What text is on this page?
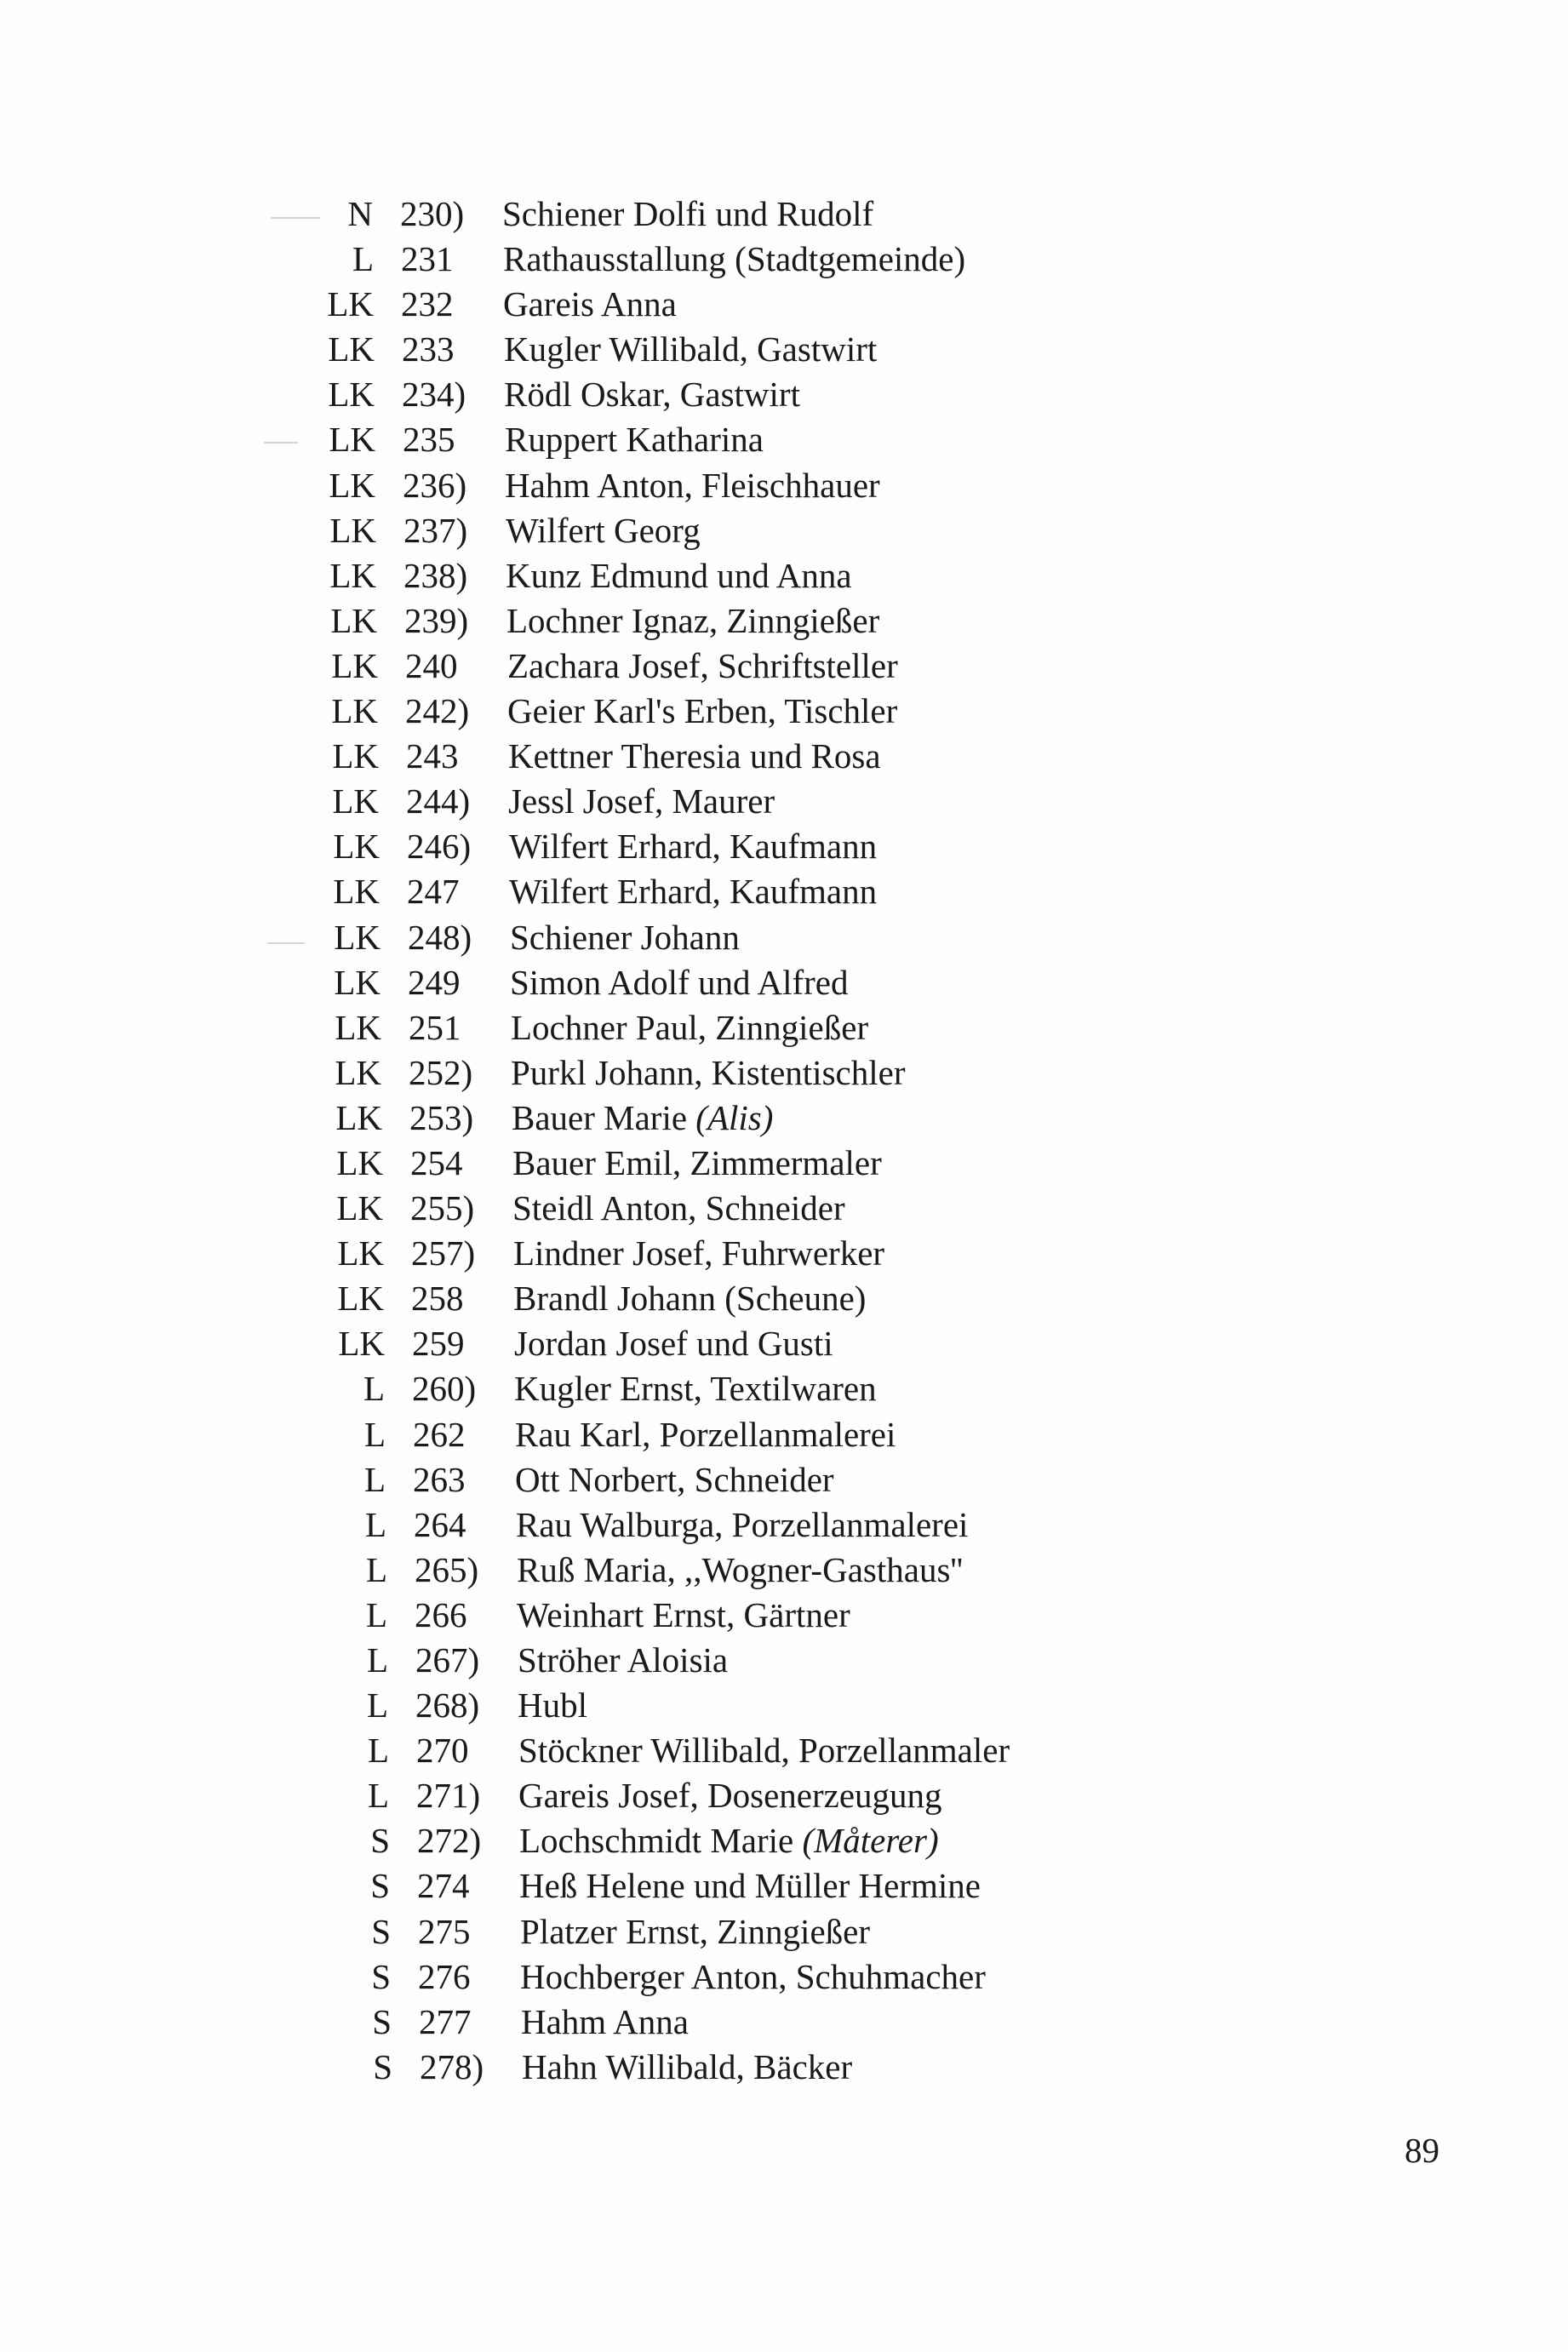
N 230) Schiener Dolfi und Rudolf
L 231 Rathausstallung (Stadtgemeinde)
LK 232 Gareis Anna
LK 233 Kugler Willibald, Gastwirt
LK 234) Rödl Oskar, Gastwirt
LK 235 Ruppert Katharina
LK 236) Hahm Anton, Fleischhauer
LK 237) Wilfert Georg
LK 238) Kunz Edmund und Anna
LK 239) Lochner Ignaz, Zinngießer
LK 240 Zachara Josef, Schriftsteller
LK 242) Geier Karl's Erben, Tischler
LK 243 Kettner Theresia und Rosa
LK 244) Jessl Josef, Maurer
LK 246) Wilfert Erhard, Kaufmann
LK 247 Wilfert Erhard, Kaufmann
LK 248) Schiener Johann
LK 249 Simon Adolf und Alfred
LK 251 Lochner Paul, Zinngießer
LK 252) Purkl Johann, Kistentischler
LK 253) Bauer Marie (Alis)
LK 254 Bauer Emil, Zimmermaler
LK 255) Steidl Anton, Schneider
LK 257) Lindner Josef, Fuhrwerker
LK 258 Brandl Johann (Scheune)
LK 259 Jordan Josef und Gusti
L 260) Kugler Ernst, Textilwaren
L 262 Rau Karl, Porzellanmalerei
L 263 Ott Norbert, Schneider
L 264 Rau Walburga, Porzellanmalerei
L 265) Ruß Maria, ,,Wogner-Gasthaus''
L 266 Weinhart Ernst, Gärtner
L 267) Ströher Aloisia
L 268) Hubl
L 270 Stöckner Willibald, Porzellanmaler
L 271) Gareis Josef, Dosenerzeugung
S 272) Lochschmidt Marie (Måterer)
S 274 Heß Helene und Müller Hermine
S 275 Platzer Ernst, Zinngießer
S 276 Hochberger Anton, Schuhmacher
S 277 Hahm Anna
S 278) Hahn Willibald, Bäcker
89
